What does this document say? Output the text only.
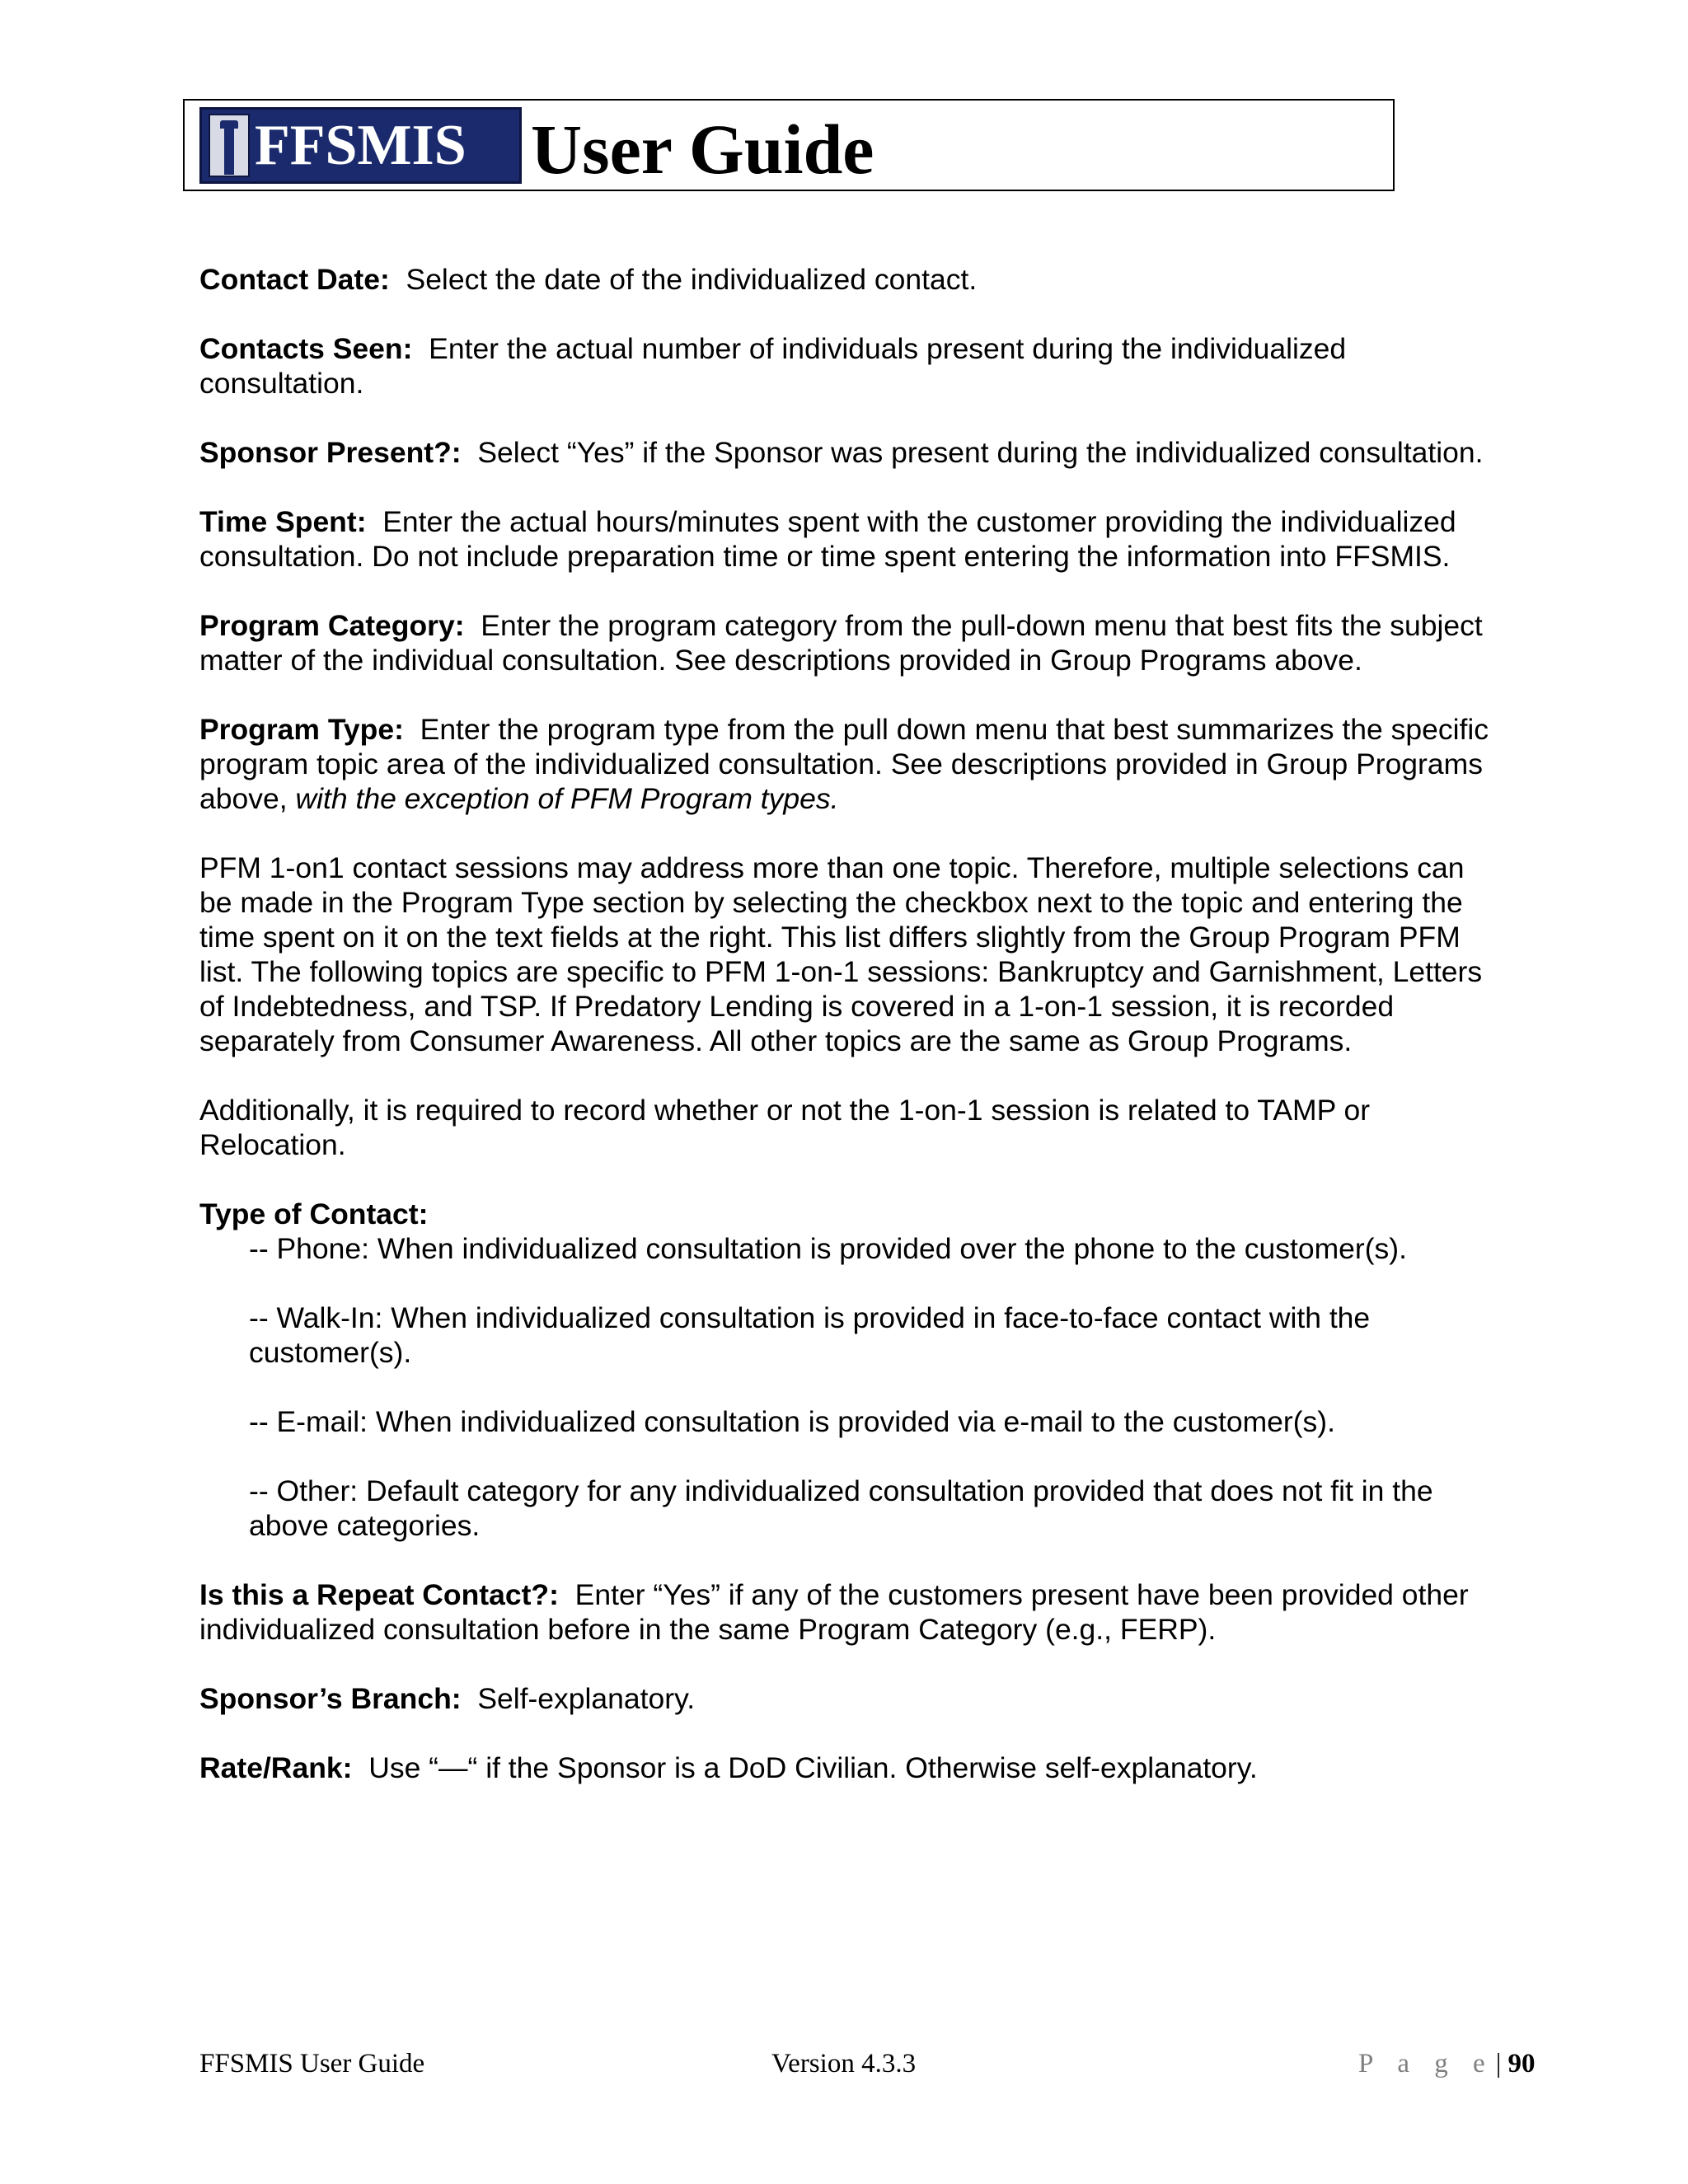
FFSMIS User Guide

Contact Date: Select the date of the individualized contact.

Contacts Seen: Enter the actual number of individuals present during the individualized consultation.

Sponsor Present?: Select “Yes” if the Sponsor was present during the individualized consultation.

Time Spent: Enter the actual hours/minutes spent with the customer providing the individualized consultation. Do not include preparation time or time spent entering the information into FFSMIS.

Program Category: Enter the program category from the pull-down menu that best fits the subject matter of the individual consultation. See descriptions provided in Group Programs above.

Program Type: Enter the program type from the pull down menu that best summarizes the specific program topic area of the individualized consultation. See descriptions provided in Group Programs above, with the exception of PFM Program types.

PFM 1-on1 contact sessions may address more than one topic. Therefore, multiple selections can be made in the Program Type section by selecting the checkbox next to the topic and entering the time spent on it on the text fields at the right. This list differs slightly from the Group Program PFM list. The following topics are specific to PFM 1-on-1 sessions: Bankruptcy and Garnishment, Letters of Indebtedness, and TSP. If Predatory Lending is covered in a 1-on-1 session, it is recorded separately from Consumer Awareness. All other topics are the same as Group Programs.

Additionally, it is required to record whether or not the 1-on-1 session is related to TAMP or Relocation.

Type of Contact:
-- Phone: When individualized consultation is provided over the phone to the customer(s).
-- Walk-In: When individualized consultation is provided in face-to-face contact with the customer(s).
-- E-mail: When individualized consultation is provided via e-mail to the customer(s).
-- Other: Default category for any individualized consultation provided that does not fit in the above categories.

Is this a Repeat Contact?: Enter “Yes” if any of the customers present have been provided other individualized consultation before in the same Program Category (e.g., FERP).

Sponsor’s Branch: Self-explanatory.

Rate/Rank: Use “—“ if the Sponsor is a DoD Civilian. Otherwise self-explanatory.

FFSMIS User Guide	Version 4.3.3	P a g e| 90
